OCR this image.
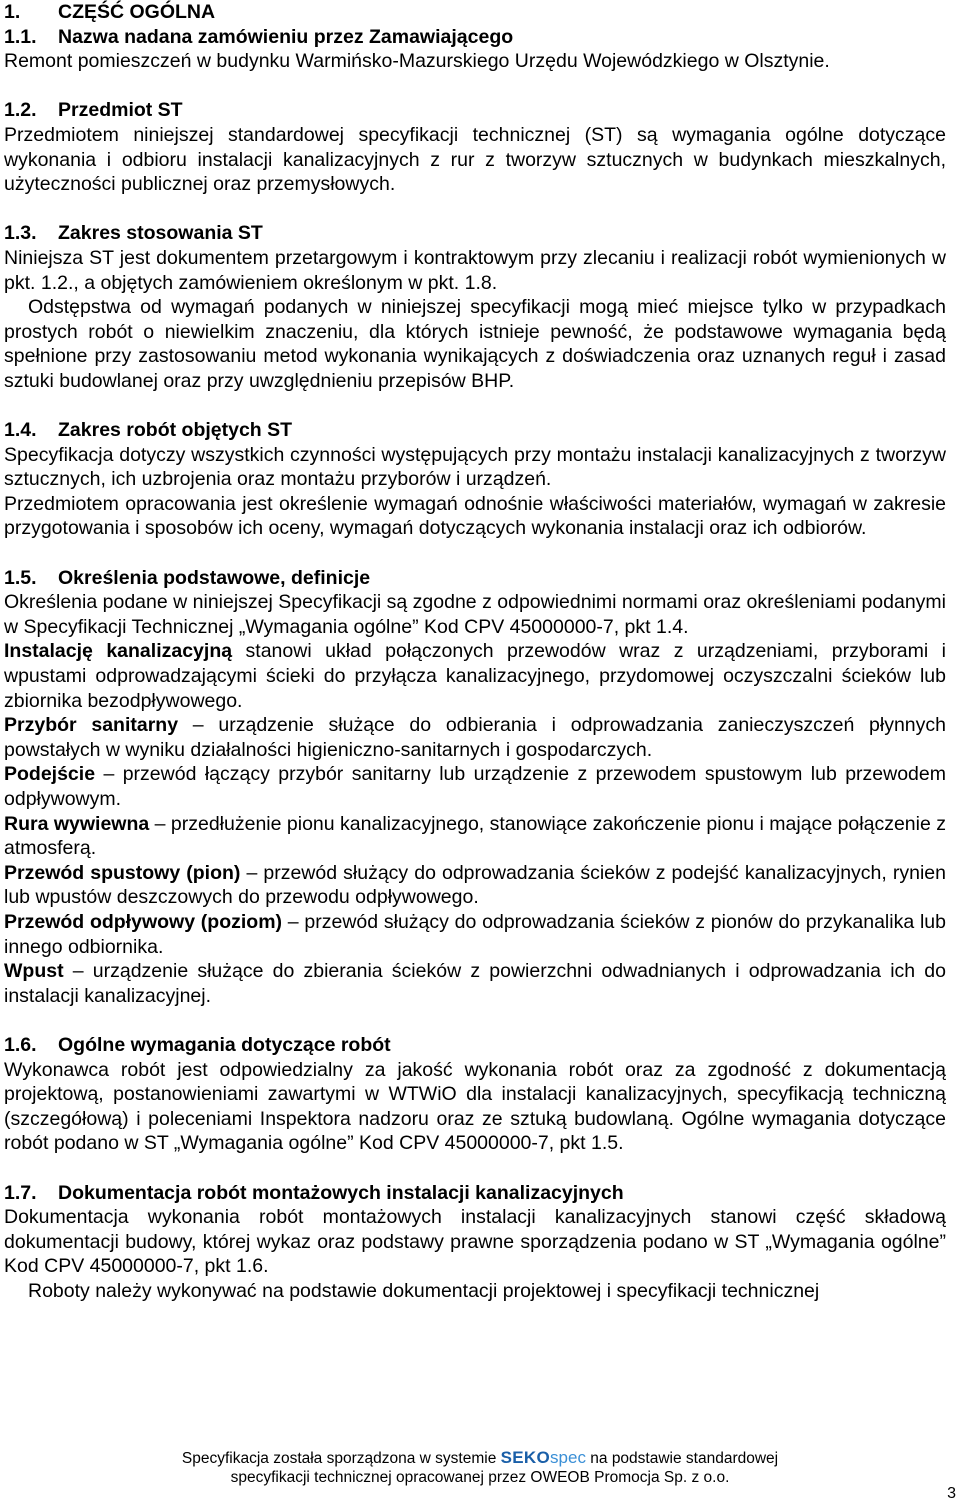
1. CZĘŚĆ OGÓLNA

1.1. Nazwa nadana zamówieniu przez Zamawiającego

Remont pomieszczeń w budynku Warmińsko-Mazurskiego Urzędu Wojewódzkiego w Olsztynie.

1.2. Przedmiot ST

Przedmiotem niniejszej standardowej specyfikacji technicznej (ST) są wymagania ogólne dotyczące wykonania i odbioru instalacji kanalizacyjnych z rur z tworzyw sztucznych w budynkach mieszkalnych, użyteczności publicznej oraz przemysłowych.

1.3. Zakres stosowania ST

Niniejsza ST jest dokumentem przetargowym i kontraktowym przy zlecaniu i realizacji robót wymienionych w pkt. 1.2., a objętych zamówieniem określonym w pkt. 1.8.

Odstępstwa od wymagań podanych w niniejszej specyfikacji mogą mieć miejsce tylko w przypadkach prostych robót o niewielkim znaczeniu, dla których istnieje pewność, że podstawowe wymagania będą spełnione przy zastosowaniu metod wykonania wynikających z doświadczenia oraz uznanych reguł i zasad sztuki budowlanej oraz przy uwzględnieniu przepisów BHP.

1.4. Zakres robót objętych ST

Specyfikacja dotyczy wszystkich czynności występujących przy montażu instalacji kanalizacyjnych z tworzyw sztucznych, ich uzbrojenia oraz montażu przyborów i urządzeń.

Przedmiotem opracowania jest określenie wymagań odnośnie właściwości materiałów, wymagań w zakresie przygotowania i sposobów ich oceny, wymagań dotyczących wykonania instalacji oraz ich odbiorów.

1.5. Określenia podstawowe, definicje

Określenia podane w niniejszej Specyfikacji są zgodne z odpowiednimi normami oraz określeniami podanymi w Specyfikacji Technicznej „Wymagania ogólne” Kod CPV 45000000-7, pkt 1.4.

Instalację kanalizacyjną stanowi układ połączonych przewodów wraz z urządzeniami, przyborami i wpustami odprowadzającymi ścieki do przyłącza kanalizacyjnego, przydomowej oczyszczalni ścieków lub zbiornika bezodpływowego.

Przybór sanitarny – urządzenie służące do odbierania i odprowadzania zanieczyszczeń płynnych powstałych w wyniku działalności higieniczno-sanitarnych i gospodarczych.

Podejście – przewód łączący przybór sanitarny lub urządzenie z przewodem spustowym lub przewodem odpływowym.

Rura wywiewna – przedłużenie pionu kanalizacyjnego, stanowiące zakończenie pionu i mające połączenie z atmosferą.

Przewód spustowy (pion) – przewód służący do odprowadzania ścieków z podejść kanalizacyjnych, rynien lub wpustów deszczowych do przewodu odpływowego.

Przewód odpływowy (poziom) – przewód służący do odprowadzania ścieków z pionów do przykanalika lub innego odbiornika.

Wpust – urządzenie służące do zbierania ścieków z powierzchni odwadnianych i odprowadzania ich do instalacji kanalizacyjnej.

1.6. Ogólne wymagania dotyczące robót

Wykonawca robót jest odpowiedzialny za jakość wykonania robót oraz za zgodność z dokumentacją projektową, postanowieniami zawartymi w WTWiO dla instalacji kanalizacyjnych, specyfikacją techniczną (szczegółową) i poleceniami Inspektora nadzoru oraz ze sztuką budowlaną. Ogólne wymagania dotyczące robót podano w ST „Wymagania ogólne” Kod CPV 45000000-7, pkt 1.5.

1.7. Dokumentacja robót montażowych instalacji kanalizacyjnych

Dokumentacja wykonania robót montażowych instalacji kanalizacyjnych stanowi część składową dokumentacji budowy, której wykaz oraz podstawy prawne sporządzenia podano w ST „Wymagania ogólne” Kod CPV 45000000-7, pkt 1.6.

Roboty należy wykonywać na podstawie dokumentacji projektowej i specyfikacji technicznej

Specyfikacja została sporządzona w systemie SEKOspec na podstawie standardowej
specyfikacji technicznej opracowanej przez OWEOB Promocja Sp. z o.o.
3
